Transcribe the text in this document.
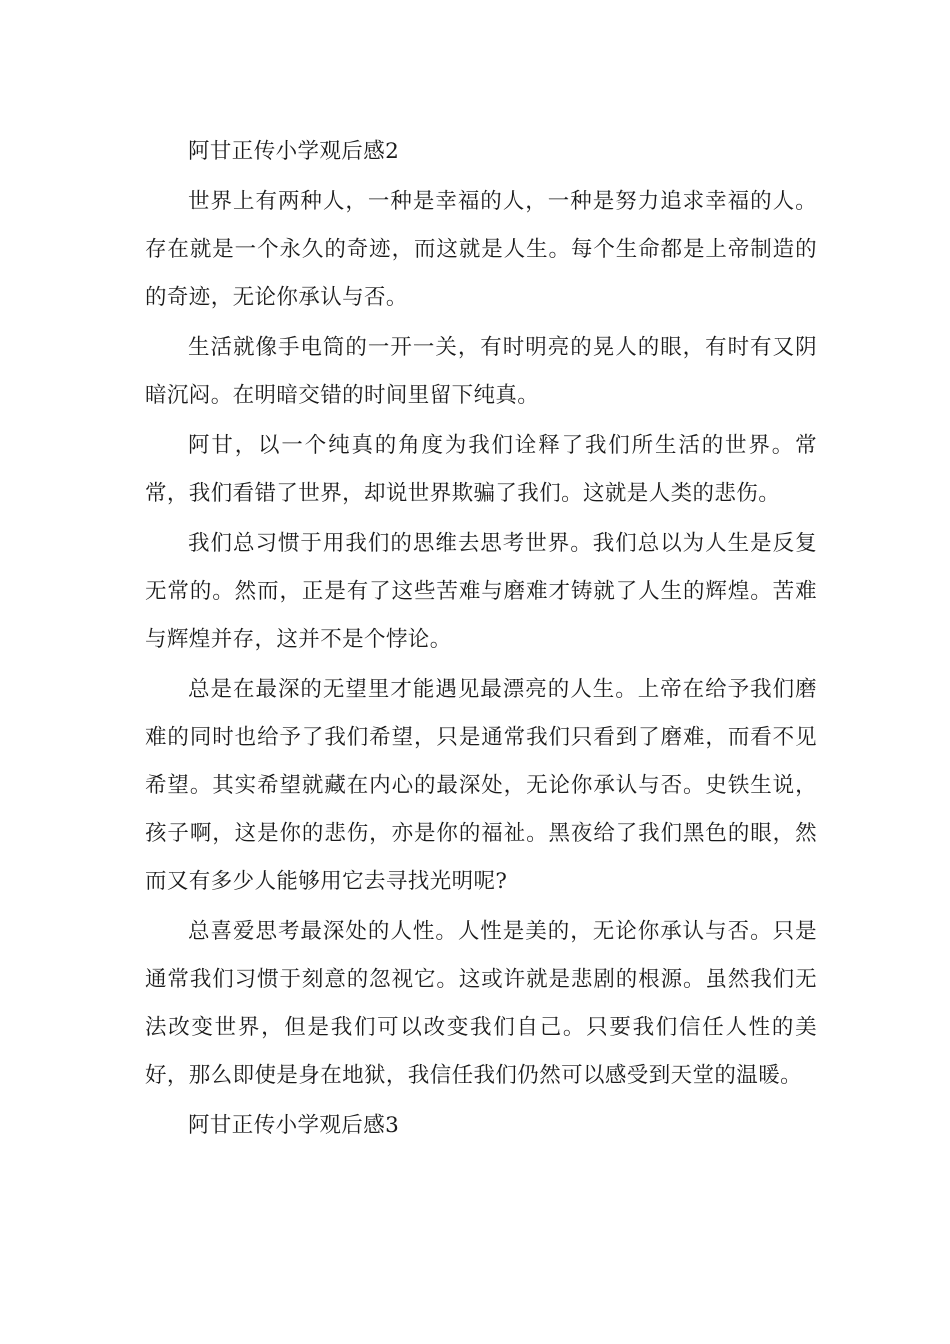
阿甘正传小学观后感2

世界上有两种人，一种是幸福的人，一种是努力追求幸福的人。存在就是一个永久的奇迹，而这就是人生。每个生命都是上帝制造的的奇迹，无论你承认与否。

生活就像手电筒的一开一关，有时明亮的晃人的眼，有时有又阴暗沉闷。在明暗交错的时间里留下纯真。

阿甘，以一个纯真的角度为我们诠释了我们所生活的世界。常常，我们看错了世界，却说世界欺骗了我们。这就是人类的悲伤。

我们总习惯于用我们的思维去思考世界。我们总以为人生是反复无常的。然而，正是有了这些苦难与磨难才铸就了人生的辉煌。苦难与辉煌并存，这并不是个悖论。

总是在最深的无望里才能遇见最漂亮的人生。上帝在给予我们磨难的同时也给予了我们希望，只是通常我们只看到了磨难，而看不见希望。其实希望就藏在内心的最深处，无论你承认与否。史铁生说，孩子啊，这是你的悲伤，亦是你的福祉。黑夜给了我们黑色的眼，然而又有多少人能够用它去寻找光明呢?

总喜爱思考最深处的人性。人性是美的，无论你承认与否。只是通常我们习惯于刻意的忽视它。这或许就是悲剧的根源。虽然我们无法改变世界，但是我们可以改变我们自己。只要我们信任人性的美好，那么即使是身在地狱，我信任我们仍然可以感受到天堂的温暖。

阿甘正传小学观后感3
